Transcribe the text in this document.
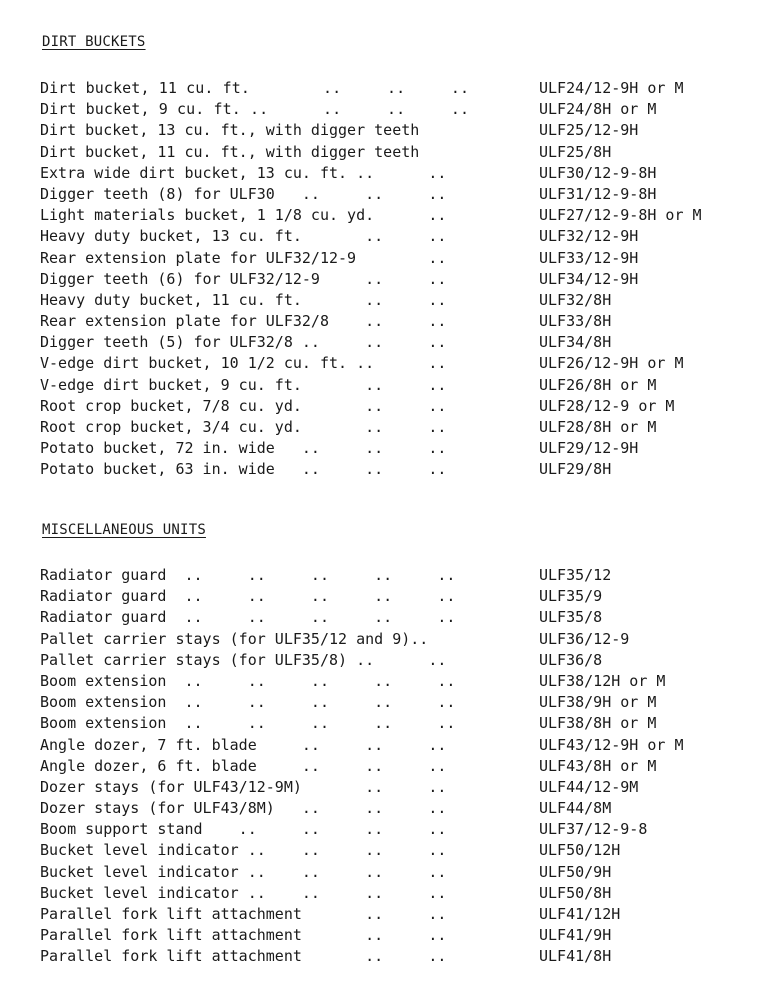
DIRT BUCKETS
Dirt bucket, 11 cu. ft.        ..     ..     ..	ULF24/12-9H or M
Dirt bucket, 9 cu. ft. ..      ..     ..     ..	ULF24/8H or M
Dirt bucket, 13 cu. ft., with digger teeth	ULF25/12-9H
Dirt bucket, 11 cu. ft., with digger teeth	ULF25/8H
Extra wide dirt bucket, 13 cu. ft. ..      ..	ULF30/12-9-8H
Digger teeth (8) for ULF30   ..     ..     ..	ULF31/12-9-8H
Light materials bucket, 1 1/8 cu. yd.      ..	ULF27/12-9-8H or M
Heavy duty bucket, 13 cu. ft.       ..     ..	ULF32/12-9H
Rear extension plate for ULF32/12-9        ..	ULF33/12-9H
Digger teeth (6) for ULF32/12-9     ..     ..	ULF34/12-9H
Heavy duty bucket, 11 cu. ft.       ..     ..	ULF32/8H
Rear extension plate for ULF32/8    ..     ..	ULF33/8H
Digger teeth (5) for ULF32/8 ..     ..     ..	ULF34/8H
V-edge dirt bucket, 10 1/2 cu. ft. ..      ..	ULF26/12-9H or M
V-edge dirt bucket, 9 cu. ft.       ..     ..	ULF26/8H or M
Root crop bucket, 7/8 cu. yd.       ..     ..	ULF28/12-9 or M
Root crop bucket, 3/4 cu. yd.       ..     ..	ULF28/8H or M
Potato bucket, 72 in. wide   ..     ..     ..	ULF29/12-9H
Potato bucket, 63 in. wide   ..     ..     ..	ULF29/8H
MISCELLANEOUS UNITS
Radiator guard  ..     ..     ..     ..     ..	ULF35/12
Radiator guard  ..     ..     ..     ..     ..	ULF35/9
Radiator guard  ..     ..     ..     ..     ..	ULF35/8
Pallet carrier stays (for ULF35/12 and 9)..	ULF36/12-9
Pallet carrier stays (for ULF35/8) ..      ..	ULF36/8
Boom extension  ..     ..     ..     ..     ..	ULF38/12H or M
Boom extension  ..     ..     ..     ..     ..	ULF38/9H or M
Boom extension  ..     ..     ..     ..     ..	ULF38/8H or M
Angle dozer, 7 ft. blade     ..     ..     ..	ULF43/12-9H or M
Angle dozer, 6 ft. blade     ..     ..     ..	ULF43/8H or M
Dozer stays (for ULF43/12-9M)       ..     ..	ULF44/12-9M
Dozer stays (for ULF43/8M)   ..     ..     ..	ULF44/8M
Boom support stand    ..     ..     ..     ..	ULF37/12-9-8
Bucket level indicator ..    ..     ..     ..	ULF50/12H
Bucket level indicator ..    ..     ..     ..	ULF50/9H
Bucket level indicator ..    ..     ..     ..	ULF50/8H
Parallel fork lift attachment       ..     ..	ULF41/12H
Parallel fork lift attachment       ..     ..	ULF41/9H
Parallel fork lift attachment       ..     ..	ULF41/8H
